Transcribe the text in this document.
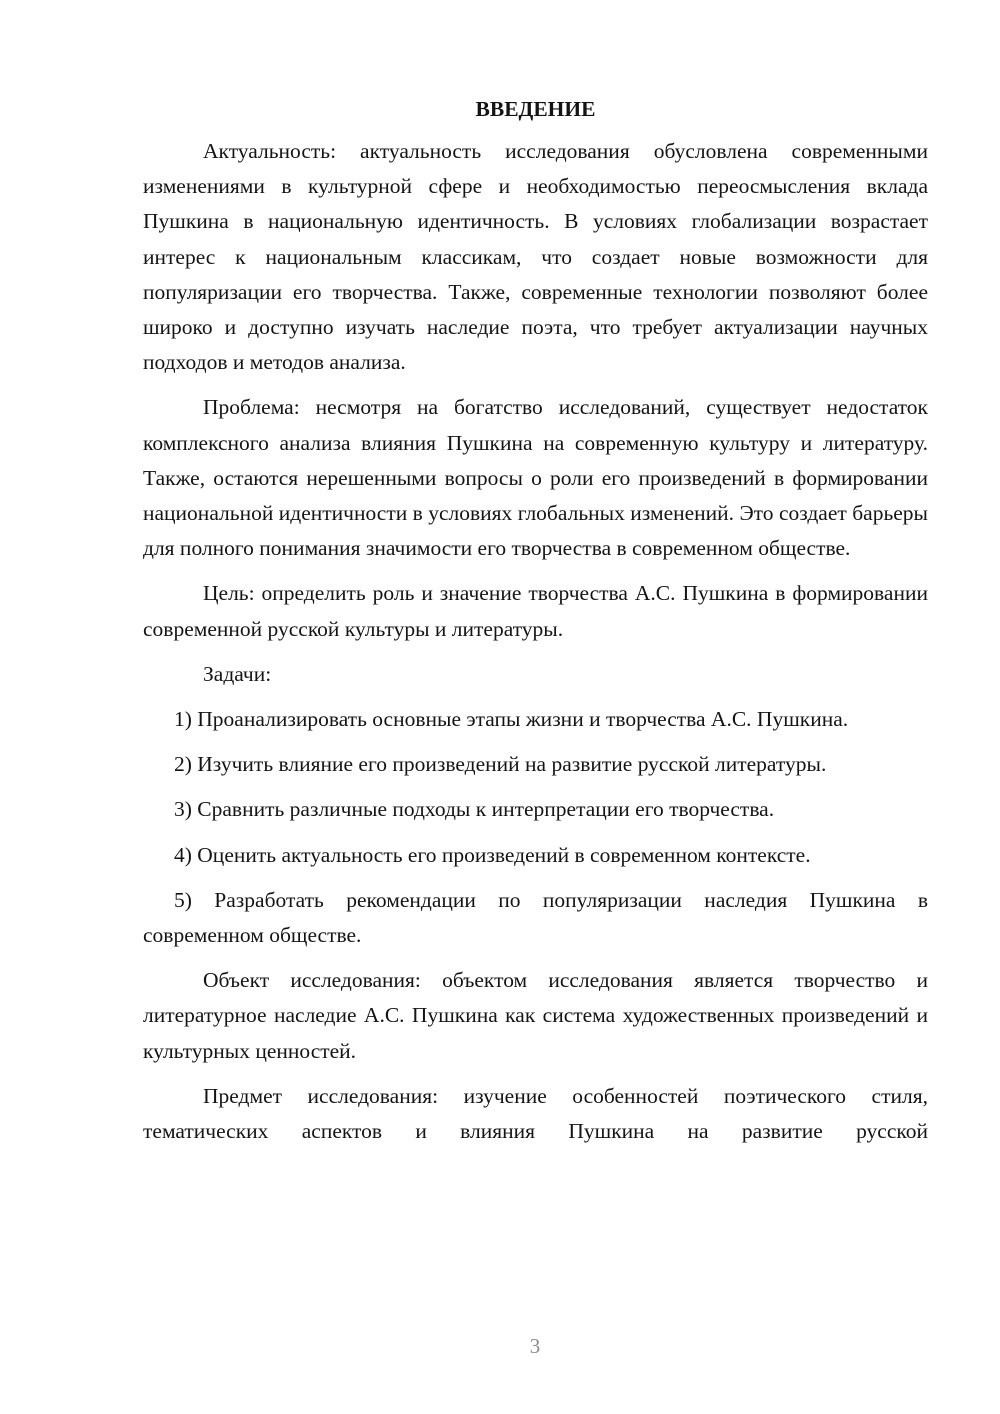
ВВЕДЕНИЕ

Актуальность: актуальность исследования обусловлена современными изменениями в культурной сфере и необходимостью переосмысления вклада Пушкина в национальную идентичность. В условиях глобализации возрастает интерес к национальным классикам, что создает новые возможности для популяризации его творчества. Также, современные технологии позволяют более широко и доступно изучать наследие поэта, что требует актуализации научных подходов и методов анализа.

Проблема: несмотря на богатство исследований, существует недостаток комплексного анализа влияния Пушкина на современную культуру и литературу. Также, остаются нерешенными вопросы о роли его произведений в формировании национальной идентичности в условиях глобальных изменений. Это создает барьеры для полного понимания значимости его творчества в современном обществе.

Цель: определить роль и значение творчества А.С. Пушкина в формировании современной русской культуры и литературы.

Задачи:

1) Проанализировать основные этапы жизни и творчества А.С. Пушкина.

2) Изучить влияние его произведений на развитие русской литературы.

3) Сравнить различные подходы к интерпретации его творчества.

4) Оценить актуальность его произведений в современном контексте.

5) Разработать рекомендации по популяризации наследия Пушкина в современном обществе.

Объект исследования: объектом исследования является творчество и литературное наследие А.С. Пушкина как система художественных произведений и культурных ценностей.

Предмет исследования: изучение особенностей поэтического стиля, тематических аспектов и влияния Пушкина на развитие русской

3
